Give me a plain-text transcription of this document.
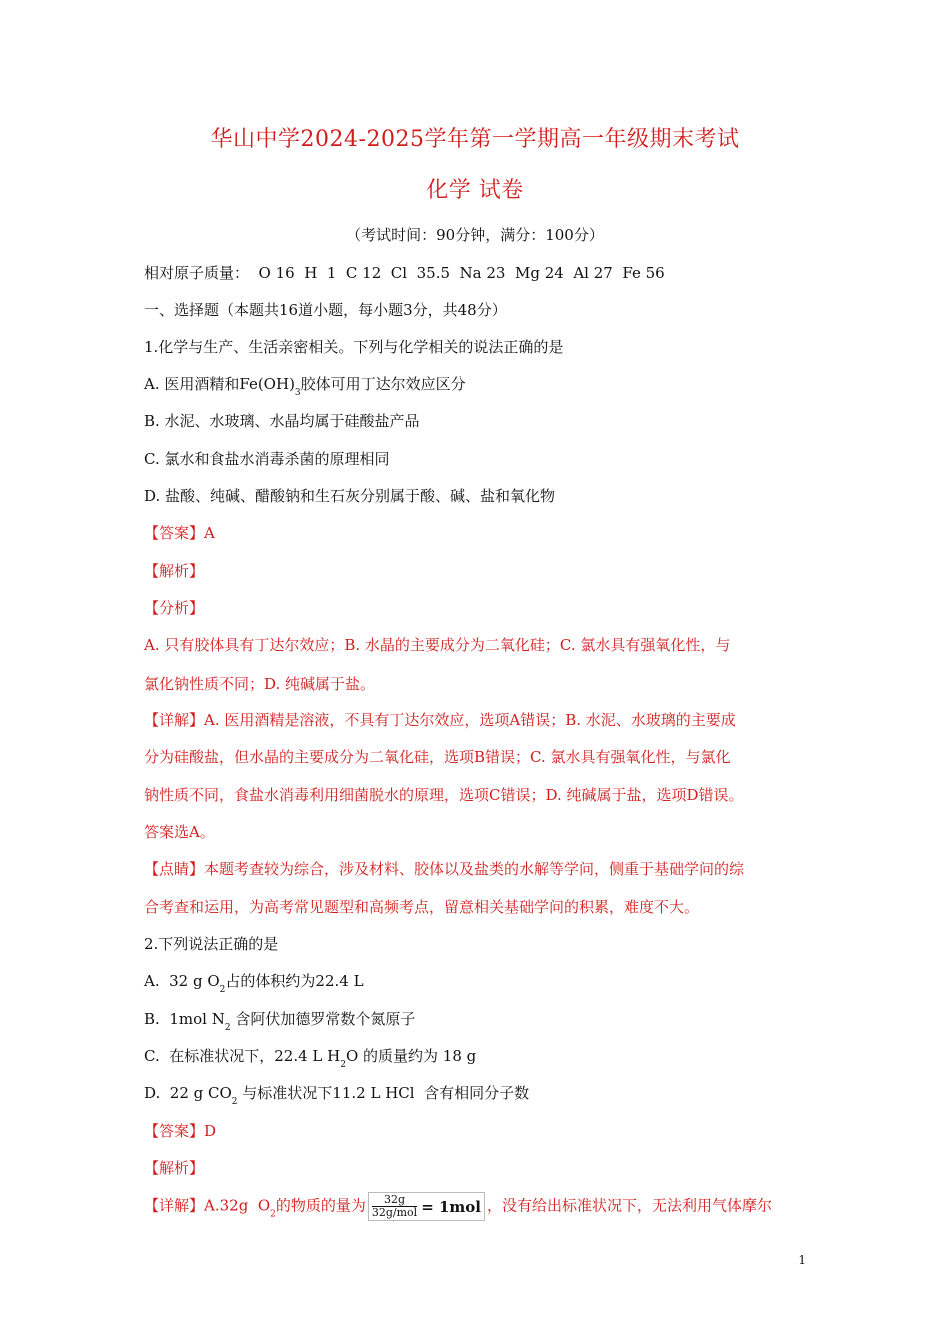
华山中学2024-2025学年第一学期高一年级期末考试
化学 试卷
（考试时间：90分钟，满分：100分）
相对原子质量：  O 16  H  1  C 12  Cl  35.5  Na 23  Mg 24  Al 27  Fe 56
一、选择题（本题共16道小题，每小题3分，共48分）
1.化学与生产、生活亲密相关。下列与化学相关的说法正确的是
A. 医用酒精和$Fe(OH)_3$胶体可用丁达尔效应区分
B. 水泥、水玻璃、水晶均属于硅酸盐产品
C. 氯水和食盐水消毒杀菌的原理相同
D. 盐酸、纯碱、醋酸钠和生石灰分别属于酸、碱、盐和氧化物
【答案】A
【解析】
【分析】
A. 只有胶体具有丁达尔效应；B. 水晶的主要成分为二氧化硅；C. 氯水具有强氧化性，与
氯化钠性质不同；D. 纯碱属于盐。
【详解】A. 医用酒精是溶液，不具有丁达尔效应，选项A错误；B. 水泥、水玻璃的主要成
分为硅酸盐，但水晶的主要成分为二氧化硅，选项B错误；C. 氯水具有强氧化性，与氯化
钠性质不同，食盐水消毒利用细菌脱水的原理，选项C错误；D. 纯碱属于盐，选项D错误。
答案选A。
【点睛】本题考查较为综合，涉及材料、胶体以及盐类的水解等学问，侧重于基础学问的综
合考查和运用，为高考常见题型和高频考点，留意相关基础学问的积累，难度不大。
2.下列说法正确的是
A.  32 g $O_2$占的体积约为22.4 L
B.  1mol $N_2$ 含阿伏加德罗常数个氮原子
C.  在标准状况下，22.4 L $H_2O$ 的质量约为 18 g
D.  22 g $CO_2$ 与标准状况下11.2 L HCl  含有相同分子数
【答案】D
【解析】
【详解】A.32g  $O_2$的物质的量为	32g
32g/mol = 1mol ，没有给出标准状况下，无法利用气体摩尔
1
